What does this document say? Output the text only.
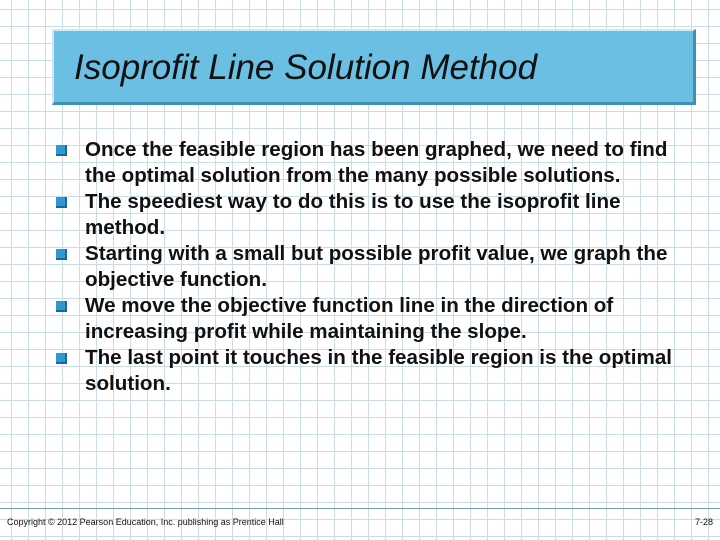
Isoprofit Line Solution Method
Once the feasible region has been graphed, we need to find the optimal solution from the many possible solutions.
The speediest way to do this is to use the isoprofit line method.
Starting with a small but possible profit value, we graph the objective function.
We move the objective function line in the direction of increasing profit while maintaining the slope.
The last point it touches in the feasible region is the optimal solution.
Copyright © 2012 Pearson Education, Inc. publishing as Prentice Hall	7-28
